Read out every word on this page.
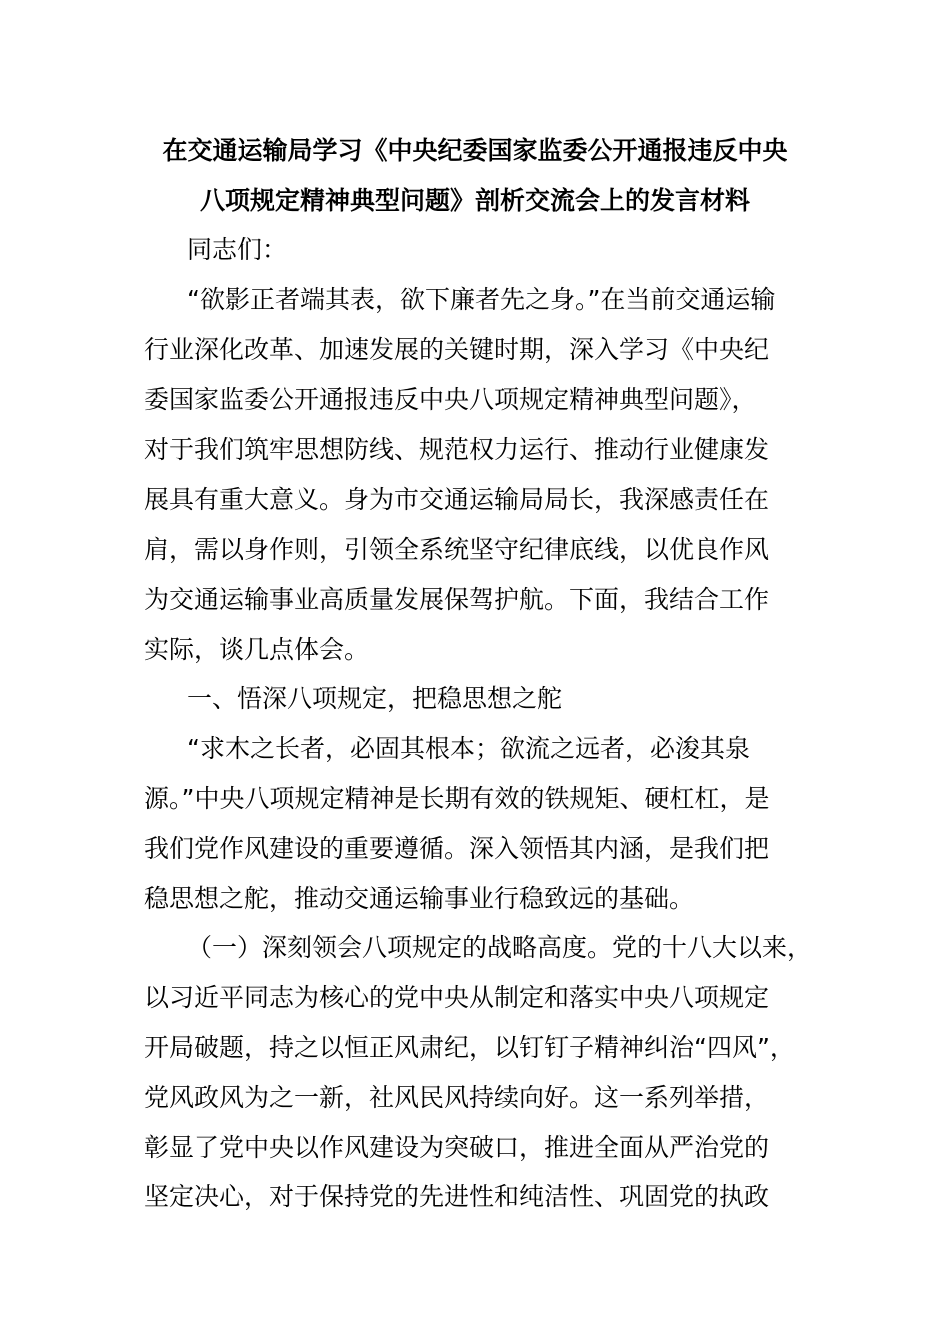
在交通运输局学习《中央纪委国家监委公开通报违反中央
八项规定精神典型问题》剖析交流会上的发言材料
同志们：
“欲影正者端其表，欲下廉者先之身。”在当前交通运输
行业深化改革、加速发展的关键时期，深入学习《中央纪
委国家监委公开通报违反中央八项规定精神典型问题》，
对于我们筑牢思想防线、规范权力运行、推动行业健康发
展具有重大意义。身为市交通运输局局长，我深感责任在
肩，需以身作则，引领全系统坚守纪律底线，以优良作风
为交通运输事业高质量发展保驾护航。下面，我结合工作
实际，谈几点体会。
一、悟深八项规定，把稳思想之舵
“求木之长者，必固其根本；欲流之远者，必浚其泉
源。”中央八项规定精神是长期有效的铁规矩、硬杠杠，是
我们党作风建设的重要遵循。深入领悟其内涵，是我们把
稳思想之舵，推动交通运输事业行稳致远的基础。
（一）深刻领会八项规定的战略高度。党的十八大以来，
以习近平同志为核心的党中央从制定和落实中央八项规定
开局破题，持之以恒正风肃纪，以钉钉子精神纠治“四风”，
党风政风为之一新，社风民风持续向好。这一系列举措，
彰显了党中央以作风建设为突破口，推进全面从严治党的
坚定决心，对于保持党的先进性和纯洁性、巩固党的执政
